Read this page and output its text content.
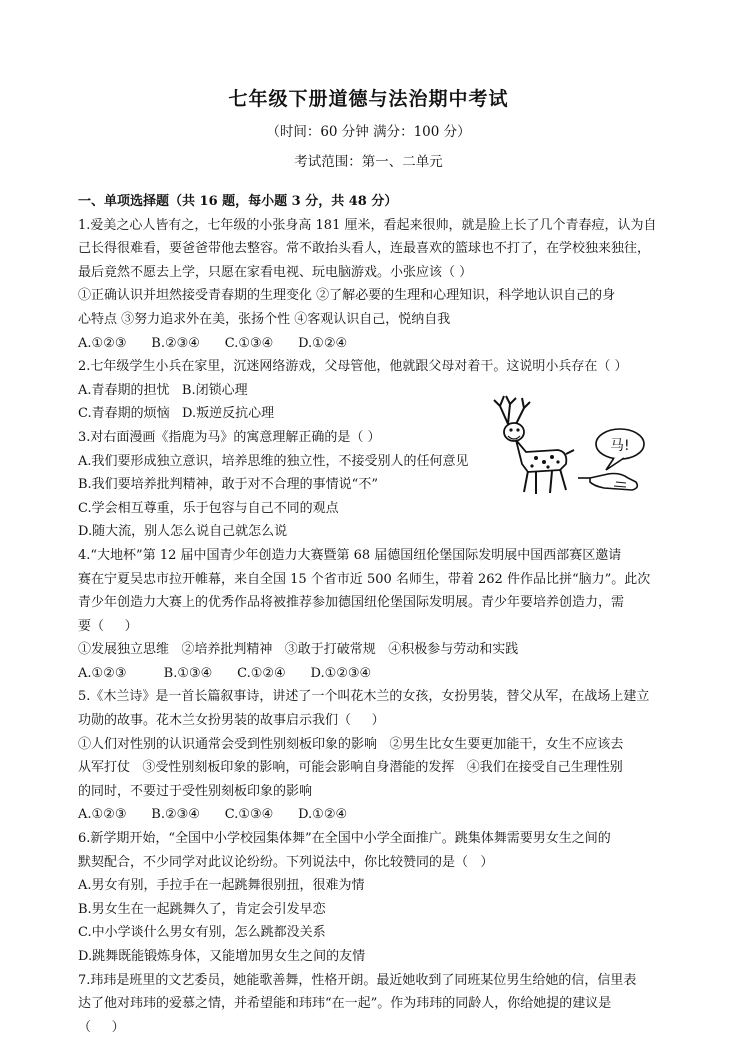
七年级下册道德与法治期中考试
（时间：60 分钟 满分：100 分）
考试范围：第一、二单元
一、单项选择题（共 16 题，每小题 3 分，共 48 分）
1.爱美之心人皆有之，七年级的小张身高 181 厘米，看起来很帅，就是脸上长了几个青春痘，认为自
己长得很难看，要爸爸带他去整容。常不敢抬头看人，连最喜欢的篮球也不打了，在学校独来独往，
最后竟然不愿去上学，只愿在家看电视、玩电脑游戏。小张应该（ ）
①正确认识并坦然接受青春期的生理变化 ②了解必要的生理和心理知识，科学地认识自己的身
心特点 ③努力追求外在美，张扬个性 ④客观认识自己，悦纳自我
A.①②③      B.②③④      C.①③④      D.①②④
2.七年级学生小兵在家里，沉迷网络游戏，父母管他，他就跟父母对着干。这说明小兵存在（ ）
A.青春期的担忧   B.闭锁心理
C.青春期的烦恼   D.叛逆反抗心理
3.对右面漫画《指鹿为马》的寓意理解正确的是（ ）
A.我们要形成独立意识，培养思维的独立性，不接受别人的任何意见
B.我们要培养批判精神，敢于对不合理的事情说“不”
C.学会相互尊重，乐于包容与自己不同的观点
D.随大流，别人怎么说自己就怎么说
4.“大地杯”第 12 届中国青少年创造力大赛暨第 68 届德国纽伦堡国际发明展中国西部赛区邀请
赛在宁夏吴忠市拉开帷幕，来自全国 15 个省市近 500 名师生，带着 262 件作品比拼“脑力”。此次
青少年创造力大赛上的优秀作品将被推荐参加德国纽伦堡国际发明展。青少年要培养创造力，需
要（     ）
①发展独立思维   ②培养批判精神   ③敢于打破常规   ④积极参与劳动和实践
A.①②③         B.①③④      C.①②④      D.①②③④
5.《木兰诗》是一首长篇叙事诗，讲述了一个叫花木兰的女孩，女扮男装，替父从军，在战场上建立
功勋的故事。花木兰女扮男装的故事启示我们（     ）
①人们对性别的认识通常会受到性别刻板印象的影响   ②男生比女生要更加能干，女生不应该去
从军打仗   ③受性别刻板印象的影响，可能会影响自身潜能的发挥   ④我们在接受自己生理性别
的同时，不要过于受性别刻板印象的影响
A.①②③      B.②③④      C.①③④      D.①②④
6.新学期开始，“全国中小学校园集体舞”在全国中小学全面推广。跳集体舞需要男女生之间的
默契配合，不少同学对此议论纷纷。下列说法中，你比较赞同的是（   ）
A.男女有别，手拉手在一起跳舞很别扭，很难为情
B.男女生在一起跳舞久了，肯定会引发早恋
C.中小学谈什么男女有别，怎么跳都没关系
D.跳舞既能锻炼身体，又能增加男女生之间的友情
7.玮玮是班里的文艺委员，她能歌善舞，性格开朗。最近她收到了同班某位男生给她的信，信里表
达了他对玮玮的爱慕之情，并希望能和玮玮“在一起”。作为玮玮的同龄人，你给她提的建议是
（     ）
马!
